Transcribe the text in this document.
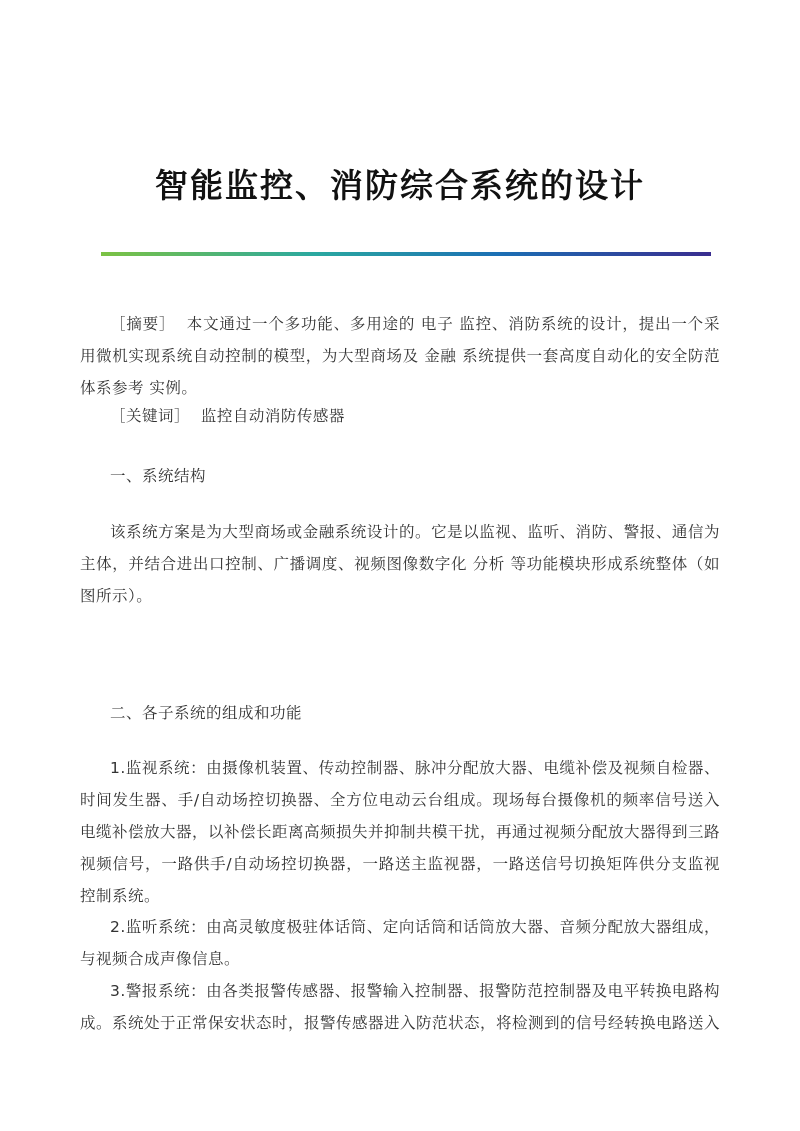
智能监控、消防综合系统的设计
［摘要］ 本文通过一个多功能、多用途的 电子 监控、消防系统的设计，提出一个采用微机实现系统自动控制的模型，为大型商场及 金融 系统提供一套高度自动化的安全防范体系参考 实例。
［关键词］ 监控自动消防传感器
一、系统结构
该系统方案是为大型商场或金融系统设计的。它是以监视、监听、消防、警报、通信为主体，并结合进出口控制、广播调度、视频图像数字化 分析 等功能模块形成系统整体（如图所示）。
二、各子系统的组成和功能
1.监视系统：由摄像机装置、传动控制器、脉冲分配放大器、电缆补偿及视频自检器、时间发生器、手/自动场控切换器、全方位电动云台组成。现场每台摄像机的频率信号送入电缆补偿放大器，以补偿长距离高频损失并抑制共模干扰，再通过视频分配放大器得到三路视频信号，一路供手/自动场控切换器，一路送主监视器，一路送信号切换矩阵供分支监视控制系统。
2.监听系统：由高灵敏度极驻体话筒、定向话筒和话筒放大器、音频分配放大器组成，与视频合成声像信息。
3.警报系统：由各类报警传感器、报警输入控制器、报警防范控制器及电平转换电路构成。系统处于正常保安状态时，报警传感器进入防范状态，将检测到的信号经转换电路送入
